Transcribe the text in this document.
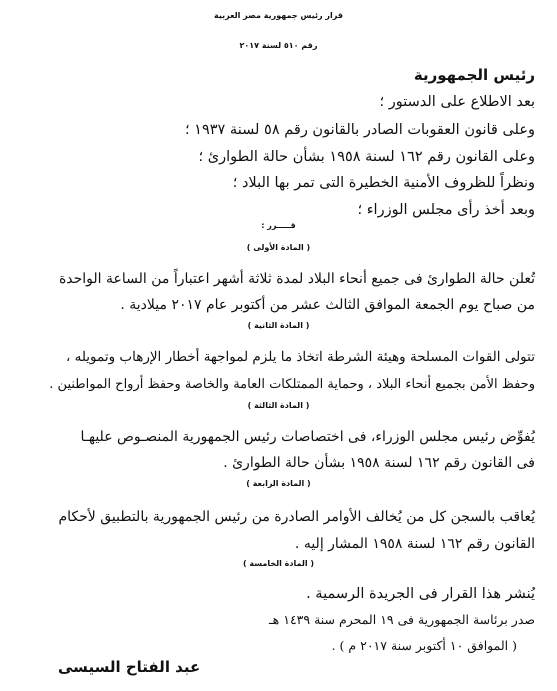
قرار رئيس جمهورية مصر العربية
رقم ٥١٠ لسنة ٢٠١٧
رئيس الجمهورية
بعد الاطلاع على الدستور ؛
وعلى قانون العقوبات الصادر بالقانون رقم ٥٨ لسنة ١٩٣٧ ؛
وعلى القانون رقم ١٦٢ لسنة ١٩٥٨ بشأن حالة الطوارئ ؛
ونظراً للظروف الأمنية الخطيرة التى تمر بها البلاد ؛
وبعد أخذ رأى مجلس الوزراء ؛
قـــــرر :
( المادة الأولى )
تُعلن حالة الطوارئ فى جميع أنحاء البلاد لمدة ثلاثة أشهر اعتباراً من الساعة الواحدة
من صباح يوم الجمعة الموافق الثالث عشر من أكتوبر عام ٢٠١٧ ميلادية .
( المادة الثانية )
تتولى القوات المسلحة وهيئة الشرطة اتخاذ ما يلزم لمواجهة أخطار الإرهاب وتمويله ،
وحفظ الأمن بجميع أنحاء البلاد ، وحماية الممتلكات العامة والخاصة وحفظ أرواح المواطنين .
( المادة الثالثة )
يُفوِّض رئيس مجلس الوزراء، فى اختصاصات رئيس الجمهورية المنصـوص عليهـا
فى القانون رقم ١٦٢ لسنة ١٩٥٨ بشأن حالة الطوارئ .
( المادة الرابعة )
يُعاقب بالسجن كل من يُخالف الأوامر الصادرة من رئيس الجمهورية بالتطبيق لأحكام
القانون رقم ١٦٢ لسنة ١٩٥٨ المشار إليه .
( المادة الخامسة )
يُنشر هذا القرار فى الجريدة الرسمية .
صدر برئاسة الجمهورية فى ١٩ المحرم سنة ١٤٣٩ هـ
( الموافق ١٠ أكتوبر سنة ٢٠١٧ م ) .
عبد الفتاح السيسى
